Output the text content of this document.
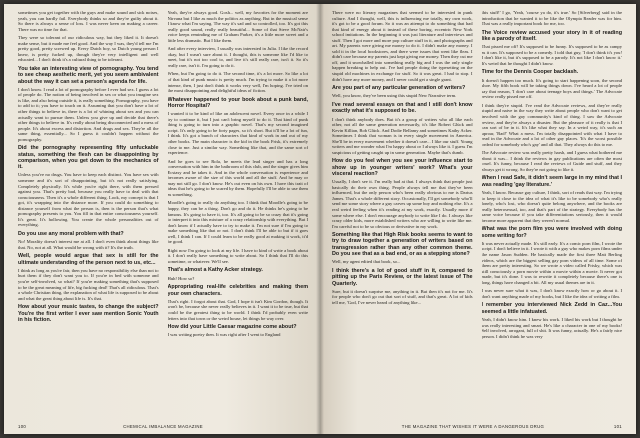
sometimes you get together with the guys and make sound and sick noises, yeah, you can hardly fail. Everybody thinks so and they're guilty about it. So there is always a sense of loss. I was never keen on making a career. There was no time for that.

They were so tolerant of our ridiculous way, but they liked it. It doesn't make sense, but it made me feel good. And the way I was, they'd tell me I'm pretty good, pretty screwed up. Every Dutch boy, so Dutch young person I knew, is pretty fucked up, though they're very intelligent and well educated... I don't think it's a cultural thing to be tolerant.

You take an interesting view of pornography. You tend to see cheap aesthetic merit, yet you seem ambivalent about the way it can set a person's agenda for life.

I don't know. I read a lot of pornography before I ever had sex. I guess a lot of people do. The notion of being involved in sex or what you imagine sex is like, and also being outside it, is really something. Pornography, you have to add to it; you have to touch on it. Assuming that you don't have a lot of other things to believe in, there is a lot of whining about sex and you can actually want to pursue them. Unless you give up and decide that there's other things to believe in. It's really about being disconnected and a mess of people. It's about excess and distortion. And drugs and sex. They're all the same thing, essentially... So I guess it couldn't happen without the pornography.

Did the pornography representing fifty unfuckable status, something the flesh can be disappointing by comparison, when you get down to the mechanics of it.

Unless you've no drugs. You have to keep each distinct. You have sex with someone and it's sort of disappointing, but it's not really satisfying. Completely physically. It's while you're right there, with them pressed against you. That's pretty bad, because you really have to deal with that consciousness. Then it's a whole different thing. Look, my concept is that I got, it's wrapping into the distance more. If you could do something to distance yourself from what the person is, then is the person that's what pornography presents to you. You fill in that entire consciousness yourself. It's great. It's hollowing. You create the whole personalities out of everything.

Do you use any moral problem with that?

No! Morality doesn't interest me at all. I don't even think about things like that. No, not at all. What would be wrong with it? It's the truth.

Well, people would argue that sex is still for the ultimate understanding of the person next to us, etc...

I think as long as you're fair, then you have no responsibility else than not to hurt them if they don't want you to. If you're in bed with someone and you're self-involved, so what? If you're making something that's supposed to be the great meaning of life, big fucking deal! That's all ridiculous. That's a whole Christian thing, the explanation of what life is supposed to be about and what the great thing about life is. It's that.

How about your music tastes, to change the subject? You're the first writer I ever saw mention Sonic Youth in his fiction.

Yeah, they're always good. Gosh... well, my favorites for the moment are Nirvana but I like as much the politics as anything. But in the musical sense I know what I'm saying. The way it's sad and so controlled, too. It's got this really good sound, really really beautiful... Some of that Steve McNair's voice keeps reminding me of Graham Parker, it's a little more sweet and a little less dramatic. But I like them.

And after every interview, I usually was interested in Julia. I like the record okay, but I wasn't sure about it. I thought, this is someone like I'd like to meet, but it's not too cool to, and live it's still really rare, isn't it. So it's really rare, isn't it. I'm going to do it.

When, but I'm going to do it. The second time, it's a lot more. So like a lot of that kind of punk music is pretty much. I'm trying to make it a lot more intense, then, I just don't think it works very well, I'm hoping. I've tried on the most disappointing and delightful ideas of fiction.

Whatever happened to your book about a punk band, Horror Hospital?

I wanted it to be kind of like an adolescent novel. Every once in a while I try to continue it, but I just can't bring myself to do it. That kind of punk thing is going to turn into a graphic novel. That's my second imagined script. It's only going to be forty pages, so it's short. But it'll be a lot of fun, I think. It's got a bunch of characters that kind of work in and out of my other books. The main character is the kid in the book Frisk, it's extremely close to me. Just a similar way. Something like that, and the same sort of experience.

And he goes to see Rola, he meets the lead singer and has a long conversation with him in the bathroom of this club, and the singer gives him Ecstasy and he takes it. And in the whole conversation is experience and becomes aware of the size of this world and all the stuff. And he may or may not still go. I don't know. He's out even on his own. I have this trait of ideas that he's going to be scared by them. Hopefully I'll be able to use them as something.

Moodle's going to really do anything too. I think that Moodle's going to be happy, they can be a thing. Don't go and do it. He thinks he's going to be famous. It's going to have it, too. It's all going to be so crazy that it's going to interpret it into this mixture of a crazy relationship with everything. But I don't know if I actually have to try to make it. I'm not sure if I'm going to make something like that or not. I don't think I'll be able to but if it goes well, I think I can. If I could learn to be really good at making it work, it'd be good.

Right now I'm going to look at my life. I have to kind of write a book about it. I don't really have something to write about. So I think that I'll do this sometime, or whatever. We'll see.

That's almost a Kathy Acker strategy.

Huh! How so?

Appropriating real-life celebrities and making them your own characters.

That's right. I forgot about that. God, I hope it isn't Kim Gordon, though. It won't be, because she never really believes in it. I want it to be true, but that could be the greatest thing to be world. I think I'd probably even write letters into that town or the weird house, let things be way over.

How did your Little Caesar magazine come about?

I was writing poetry then. It was right after I went to England

100	CHEMICAL IMBALANCE MAGAZINE

There were no literary magazines that seemed to be interested in punk culture. And I thought, well, this is influencing me totally, my own work, it's got to be a good forum. So it was an attempt to do something that had that kind of energy about it instead of these boring, eccentric New York school imitations. In the beginning it was just literature and interviews and stuff. Then I got more and more pop culture stuff in it, and photographs and art. My parents were giving me money to do it. I didn't make any money. I sold it in the local bookstores, and there were issues that went like fleas. I didn't care because my parents just kept giving me money. Then they cut me off, and it snowballed into something really big and I was the only single happen breaking to help out. I've had people doing the typesetting on the stupid old machines in exchange for stuff. So it was great. I had to stop. I didn't have any more money, and I never could get a single grant.

Are you part of any particular generation of writers?

Well, you know, they've been using this stupid New Narrative term.

I've read several essays on that and I still don't know exactly what it's supposed to be.

I don't think anybody does. But it's a group of writers who all like each other, not all the same generation necessarily, it's like Robert Glück and Kevin Killian, Bob Glück. And Dodie Bellamy and sometimes Kathy Acker. Sometimes I think that woman is in every single movement in America. She'll be in every movement whether it doesn't care... I like our stuff. Young writers and me wonder what I'm happy about or I always like it. I guess I'm suspicious of getting caught up in some generation. Maybe that's dumb.

How do you feel when you see your influence start to show up in younger writers' work? What's your visceral reaction?

Usually, I don't see it. I'm really bad at that. I always think that people just basically do their own thing. People always tell me that they've been influenced, but the only person who's been really obvious to me is Darius James. That's a whole different story. Occasionally, I'll get somebody who'll send me some story where a guy carves up some boy and nothing else. It's a real weird feeling when it's reading at my work, exactly. Usually more if some where else. I don't encourage anybody to write like I do. I always like crazy older kids, more established writers who are willing to write like me. I'm careful not to be so obvious or derivative in my work.

Something like that High Risk books seems to want to try to draw together a generation of writers based on transgression rather than any other common theme. Do you see that as a bad end, or as a stepping stone?

Well, my agent edited that book, so...

I think there's a lot of good stuff in it, compared to pitting up the Paris Review, or the latest issue of The Quarterly.

Sure, but it doesn't surprise me, anything in it. But then it's not for me. It's for people who don't go out that sort of stuff, and that's great. A lot of kids tell me, 'God, I've never heard of anything like...

this stuff!' I go, 'Yeah, 'course ya do, it's true.' So [Silverberg] said in the introduction that he wanted it to be like the Olympia Reader was for him. That was a really important book for me, too.

The Voice review accused your story in it of reading like a parody of itself.

That pissed me off! It's supposed to be funny. It's supposed to be as campy as it can. It's supposed to be a comedy. I told that guy, 'I don't think it's you! I don't like it, but it's supposed to be a parody. It's not like I don't know it.' It's weird that he thought I didn't know.

Time for the Dennis Cooper backlash.

It doesn't happen too much. It's going to start happening soon, the second shoe. My fifth book will be taking things down. I've heard a lot of people say that reason, 'I don't care about teenage boys and things.' The Advocate review really pissed me off.

I think they're stupid. I've read the Advocate reviews, and they're really stupid and naive in the way they write about people who don't want to get involved with the gay community's kind of thing. I saw the Advocate review, and they're always a disaster. But the pleasure of it really is that I can sort of be in it. It's like what they say. In a weird way, it's such an uproar, 'Bad!' What a mess. I'm totally disappointed with what I have to read in the Advocate and a lot of other gay places. 'It's the worst possible ordeal for somebody who's gay' and all that. They always do this to me.

The Advocate review was really pretty harsh, and I guess what bothered me about it was... I think the reviews in gay publications are often the most cruel. It's funny, because I read the reviews of Guide and stuff, and they always get it wrong. So they're not going to like it.

When I read Safe, it didn't seem large in my mind that I was reading 'gay literature.'

Yeah, I know. Because gay culture, I think, sort of reads that way. I'm trying to keep it close to the idea of what it's like to be somebody who's really lonely, who's lost, who doesn't quite belong anywhere, and the books are really heterosexual, too, and that's part of the strategy. Everybody has the same voice because if you take differentiations seriously, then it would become more apparent that they weren't normal.

What was the porn film you were involved with doing some writing for?

It was never actually made. It's still early. It's a comic porn film, I wrote the script. I don't believe in it. I wrote it with a guy who makes porn films under the name Jason Sudden. He basically made the first three Matt Berling videos, which are the biggest selling gay porn videos of all time. Some of them are pretty interesting. So we wrote a video called Frisky, which was still consciously a porn movie within a movie within a movie. It never got made, but it's done. I was to rewrite it completely because there's one is long, things have changed a bit. All my usual themes are in it.

I was never sure what it was, I don't know exactly how or go about it. I don't want anything made of my books, but I like the idea of writing a film.

I remember you interviewed Nick Zedd in Caz...You seemed a little infatuated.

Yeah, I didn't know him. I knew his work. I liked his work but I thought he was really interesting and smart. He's like a character in one of my books! Self involved, arrogant, full of shit. It was funny, actually. He's a fairly nice person. I didn't think he was very

THE MAGAZINE THAT WISHES IT WERE A DANGEROUS DRUG	101
